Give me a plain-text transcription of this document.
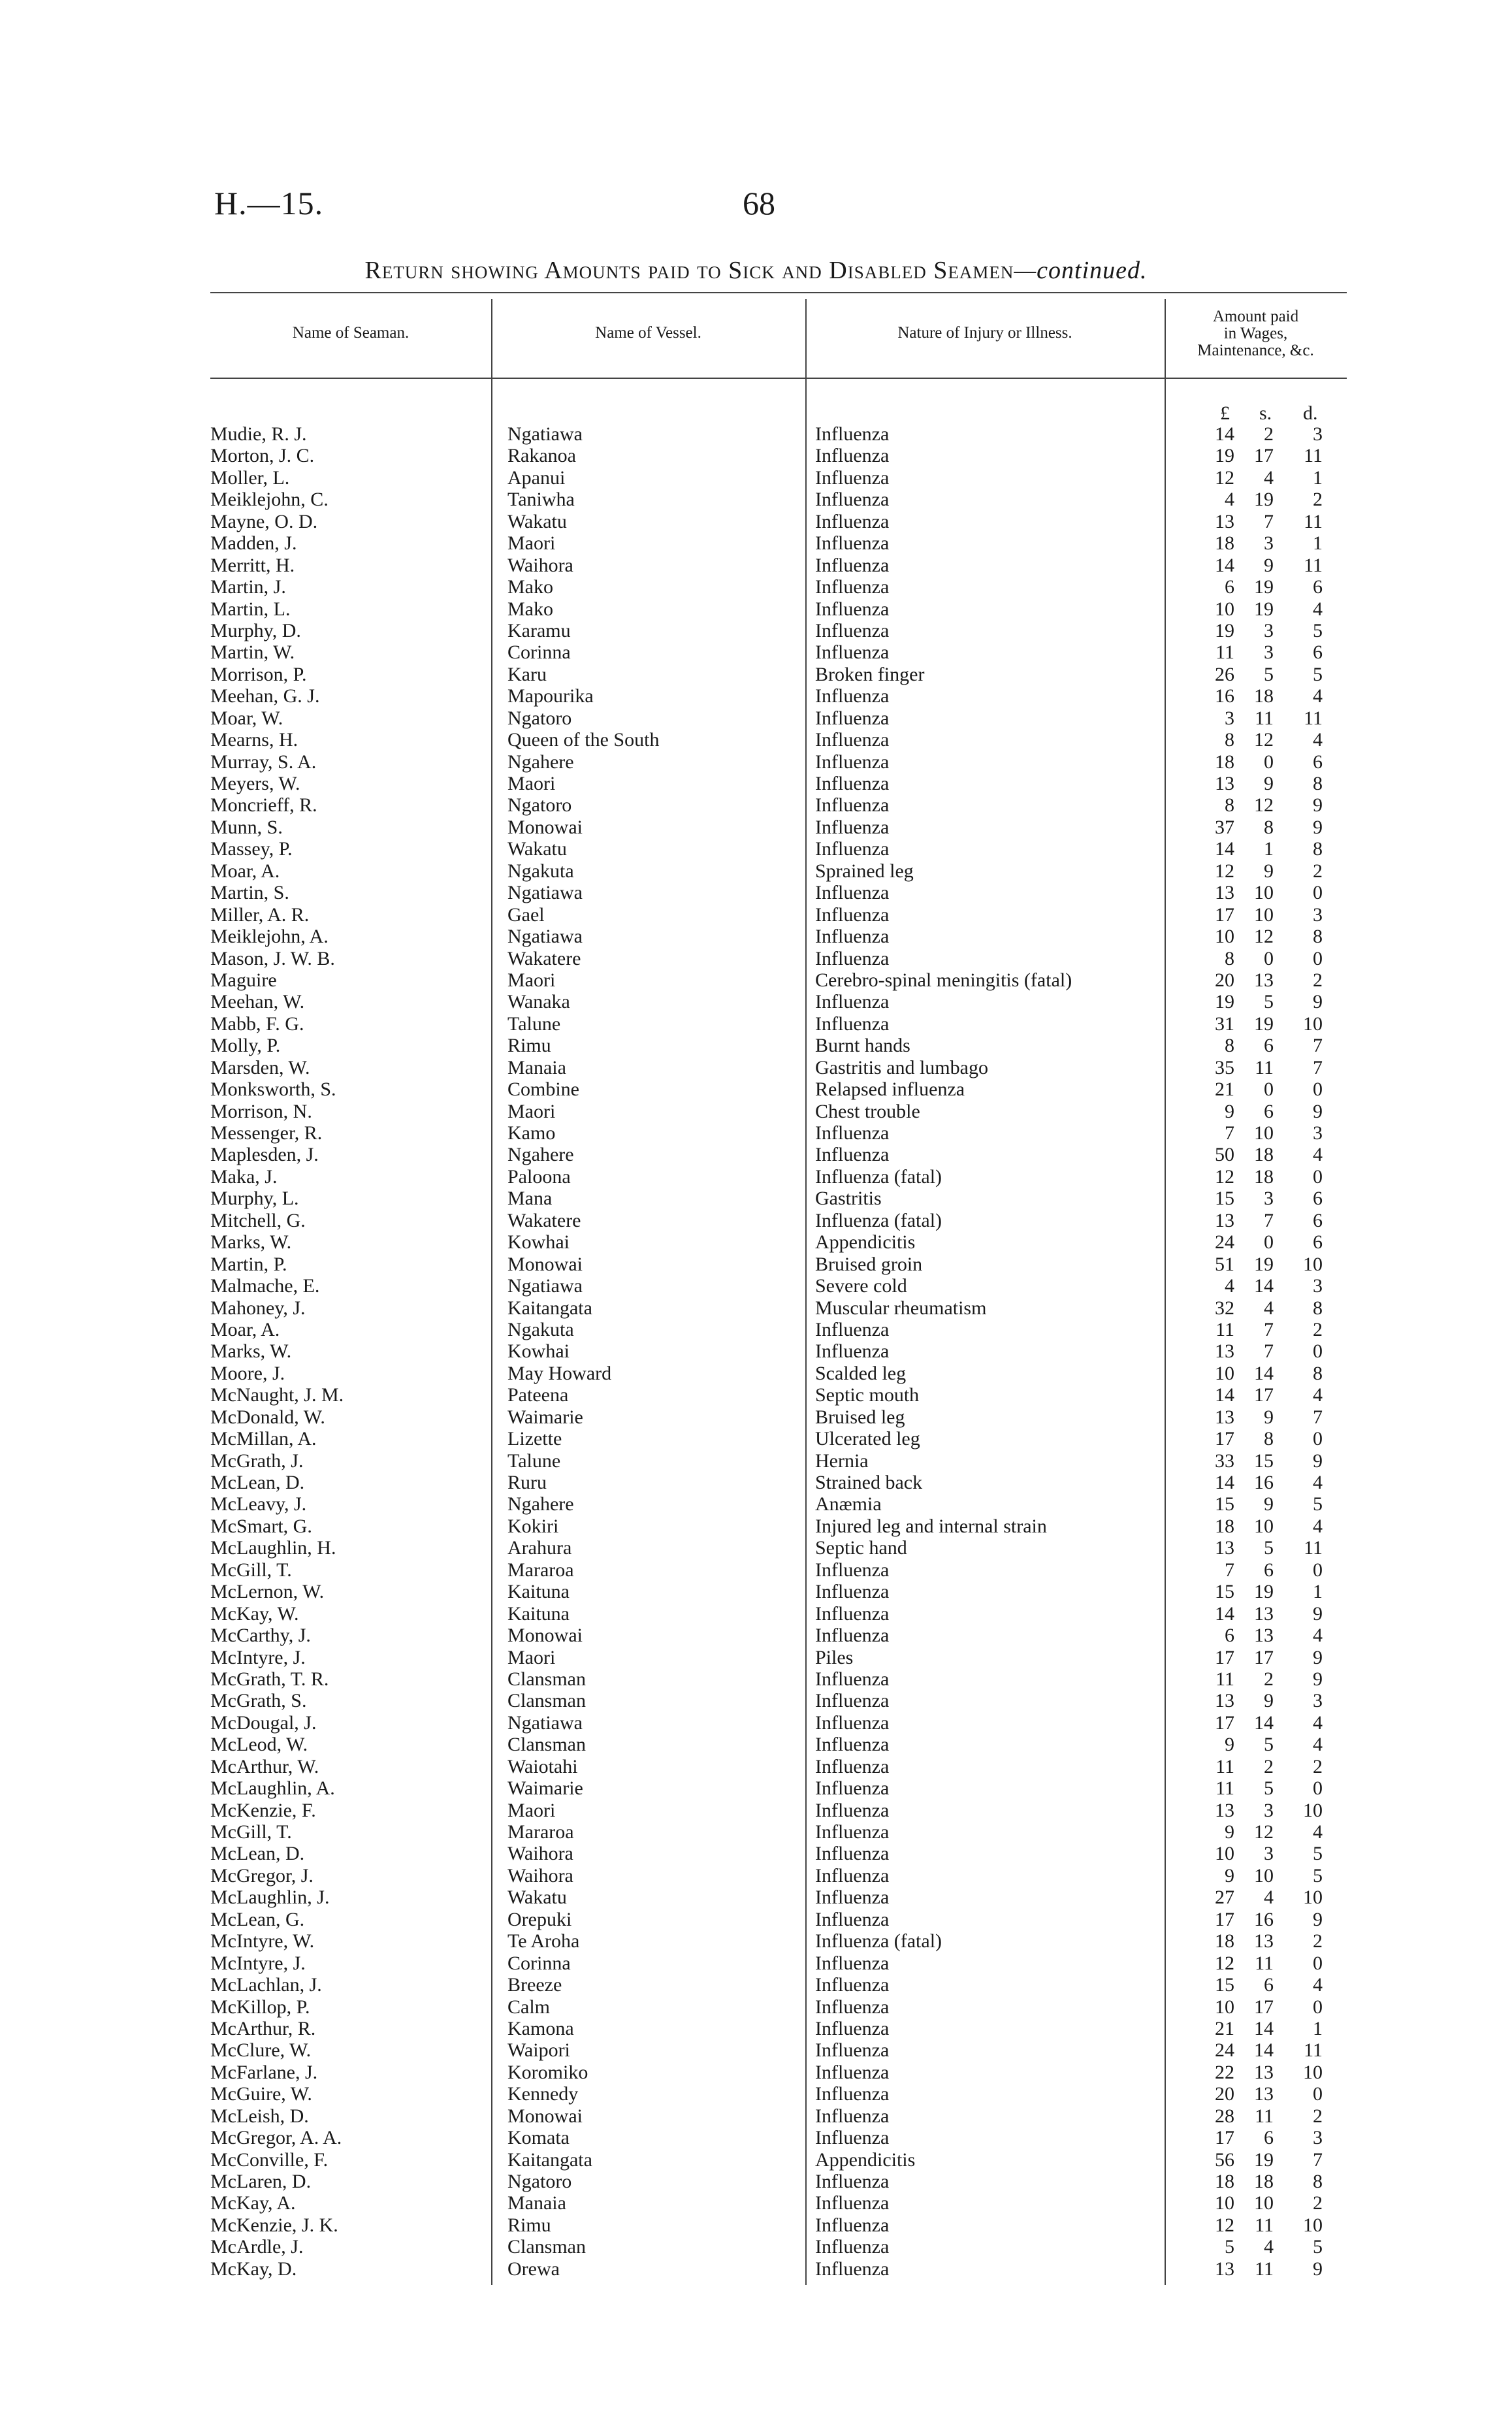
H.—15.	68
Return showing Amounts paid to Sick and Disabled Seamen—continued.
Name of Seaman.	Name of Vessel.	Nature of Injury or Illness.
Amount paid
in Wages,
Maintenance, &c.
£ s. d.
Mudie, R. J.	Ngatiawa	Influenza	14	2	3
Morton, J. C.	Rakanoa	Influenza	19	17	11
Moller, L.	Apanui	Influenza	12	4	1
Meiklejohn, C.	Taniwha	Influenza	4	19	2
Mayne, O. D.	Wakatu	Influenza	13	7	11
Madden, J.	Maori	Influenza	18	3	1
Merritt, H.	Waihora	Influenza	14	9	11
Martin, J.	Mako	Influenza	6	19	6
Martin, L.	Mako	Influenza	10	19	4
Murphy, D.	Karamu	Influenza	19	3	5
Martin, W.	Corinna	Influenza	11	3	6
Morrison, P.	Karu	Broken finger	26	5	5
Meehan, G. J.	Mapourika	Influenza	16	18	4
Moar, W.	Ngatoro	Influenza	3	11	11
Mearns, H.	Queen of the South	Influenza	8	12	4
Murray, S. A.	Ngahere	Influenza	18	0	6
Meyers, W.	Maori	Influenza	13	9	8
Moncrieff, R.	Ngatoro	Influenza	8	12	9
Munn, S.	Monowai	Influenza	37	8	9
Massey, P.	Wakatu	Influenza	14	1	8
Moar, A.	Ngakuta	Sprained leg	12	9	2
Martin, S.	Ngatiawa	Influenza	13	10	0
Miller, A. R.	Gael	Influenza	17	10	3
Meiklejohn, A.	Ngatiawa	Influenza	10	12	8
Mason, J. W. B.	Wakatere	Influenza	8	0	0
Maguire	Maori	Cerebro-spinal meningitis (fatal)	20	13	2
Meehan, W.	Wanaka	Influenza	19	5	9
Mabb, F. G.	Talune	Influenza	31	19	10
Molly, P.	Rimu	Burnt hands	8	6	7
Marsden, W.	Manaia	Gastritis and lumbago	35	11	7
Monksworth, S.	Combine	Relapsed influenza	21	0	0
Morrison, N.	Maori	Chest trouble	9	6	9
Messenger, R.	Kamo	Influenza	7	10	3
Maplesden, J.	Ngahere	Influenza	50	18	4
Maka, J.	Paloona	Influenza (fatal)	12	18	0
Murphy, L.	Mana	Gastritis	15	3	6
Mitchell, G.	Wakatere	Influenza (fatal)	13	7	6
Marks, W.	Kowhai	Appendicitis	24	0	6
Martin, P.	Monowai	Bruised groin	51	19	10
Malmache, E.	Ngatiawa	Severe cold	4	14	3
Mahoney, J.	Kaitangata	Muscular rheumatism	32	4	8
Moar, A.	Ngakuta	Influenza	11	7	2
Marks, W.	Kowhai	Influenza	13	7	0
Moore, J.	May Howard	Scalded leg	10	14	8
McNaught, J. M.	Pateena	Septic mouth	14	17	4
McDonald, W.	Waimarie	Bruised leg	13	9	7
McMillan, A.	Lizette	Ulcerated leg	17	8	0
McGrath, J.	Talune	Hernia	33	15	9
McLean, D.	Ruru	Strained back	14	16	4
McLeavy, J.	Ngahere	Anæmia	15	9	5
McSmart, G.	Kokiri	Injured leg and internal strain	18	10	4
McLaughlin, H.	Arahura	Septic hand	13	5	11
McGill, T.	Mararoa	Influenza	7	6	0
McLernon, W.	Kaituna	Influenza	15	19	1
McKay, W.	Kaituna	Influenza	14	13	9
McCarthy, J.	Monowai	Influenza	6	13	4
McIntyre, J.	Maori	Piles	17	17	9
McGrath, T. R.	Clansman	Influenza	11	2	9
McGrath, S.	Clansman	Influenza	13	9	3
McDougal, J.	Ngatiawa	Influenza	17	14	4
McLeod, W.	Clansman	Influenza	9	5	4
McArthur, W.	Waiotahi	Influenza	11	2	2
McLaughlin, A.	Waimarie	Influenza	11	5	0
McKenzie, F.	Maori	Influenza	13	3	10
McGill, T.	Mararoa	Influenza	9	12	4
McLean, D.	Waihora	Influenza	10	3	5
McGregor, J.	Waihora	Influenza	9	10	5
McLaughlin, J.	Wakatu	Influenza	27	4	10
McLean, G.	Orepuki	Influenza	17	16	9
McIntyre, W.	Te Aroha	Influenza (fatal)	18	13	2
McIntyre, J.	Corinna	Influenza	12	11	0
McLachlan, J.	Breeze	Influenza	15	6	4
McKillop, P.	Calm	Influenza	10	17	0
McArthur, R.	Kamona	Influenza	21	14	1
McClure, W.	Waipori	Influenza	24	14	11
McFarlane, J.	Koromiko	Influenza	22	13	10
McGuire, W.	Kennedy	Influenza	20	13	0
McLeish, D.	Monowai	Influenza	28	11	2
McGregor, A. A.	Komata	Influenza	17	6	3
McConville, F.	Kaitangata	Appendicitis	56	19	7
McLaren, D.	Ngatoro	Influenza	18	18	8
McKay, A.	Manaia	Influenza	10	10	2
McKenzie, J. K.	Rimu	Influenza	12	11	10
McArdle, J.	Clansman	Influenza	5	4	5
McKay, D.	Orewa	Influenza	13	11	9
